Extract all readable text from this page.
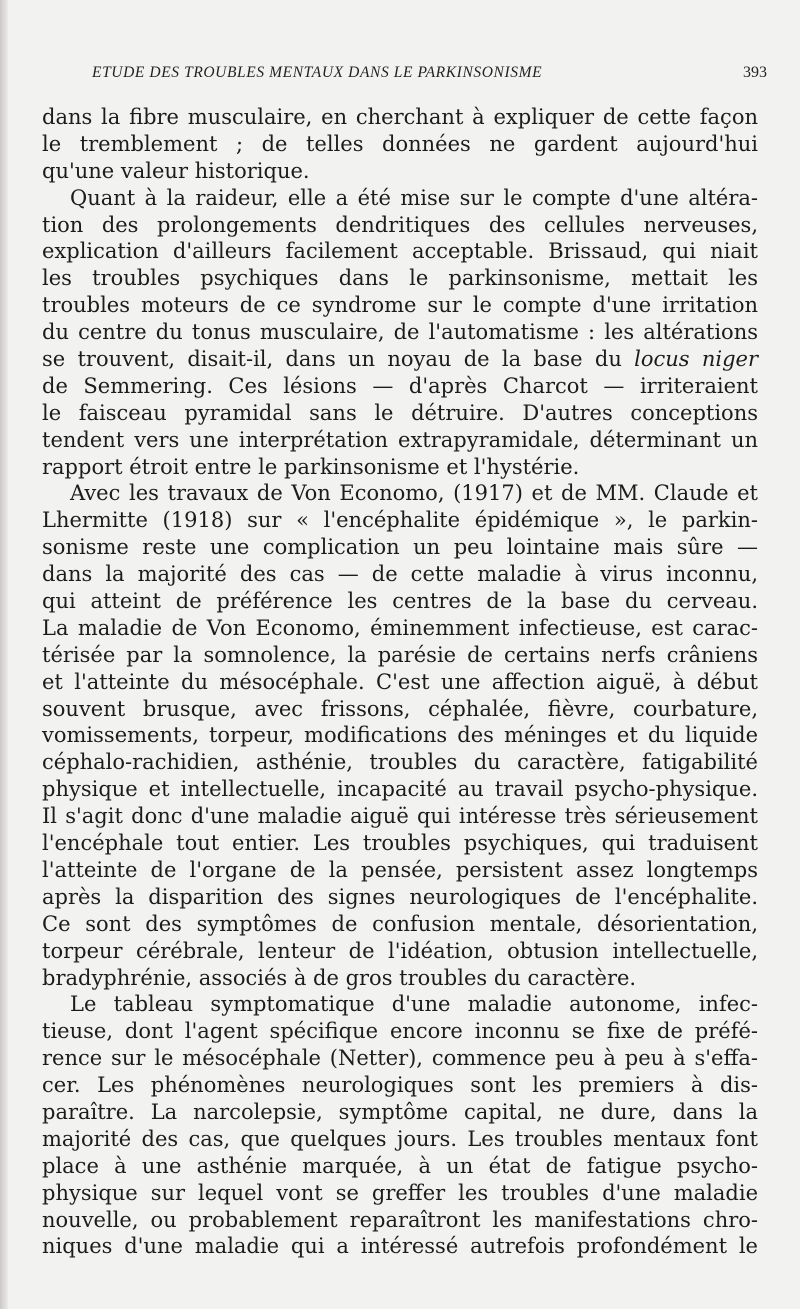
ETUDE DES TROUBLES MENTAUX DANS LE PARKINSONISME	393
dans la fibre musculaire, en cherchant à expliquer de cette façon
le tremblement ; de telles données ne gardent aujourd'hui
qu'une valeur historique.
Quant à la raideur, elle a été mise sur le compte d'une altéra-
tion des prolongements dendritiques des cellules nerveuses,
explication d'ailleurs facilement acceptable. Brissaud, qui niait
les troubles psychiques dans le parkinsonisme, mettait les
troubles moteurs de ce syndrome sur le compte d'une irritation
du centre du tonus musculaire, de l'automatisme : les altérations
se trouvent, disait-il, dans un noyau de la base du locus niger
de Semmering. Ces lésions — d'après Charcot — irriteraient
le faisceau pyramidal sans le détruire. D'autres conceptions
tendent vers une interprétation extrapyramidale, déterminant un
rapport étroit entre le parkinsonisme et l'hystérie.
Avec les travaux de Von Economo, (1917) et de MM. Claude et
Lhermitte (1918) sur « l'encéphalite épidémique », le parkin-
sonisme reste une complication un peu lointaine mais sûre —
dans la majorité des cas — de cette maladie à virus inconnu,
qui atteint de préférence les centres de la base du cerveau.
La maladie de Von Economo, éminemment infectieuse, est carac-
térisée par la somnolence, la parésie de certains nerfs crâniens
et l'atteinte du mésocéphale. C'est une affection aiguë, à début
souvent brusque, avec frissons, céphalée, fièvre, courbature,
vomissements, torpeur, modifications des méninges et du liquide
céphalo-rachidien, asthénie, troubles du caractère, fatigabilité
physique et intellectuelle, incapacité au travail psycho-physique.
Il s'agit donc d'une maladie aiguë qui intéresse très sérieusement
l'encéphale tout entier. Les troubles psychiques, qui traduisent
l'atteinte de l'organe de la pensée, persistent assez longtemps
après la disparition des signes neurologiques de l'encéphalite.
Ce sont des symptômes de confusion mentale, désorientation,
torpeur cérébrale, lenteur de l'idéation, obtusion intellectuelle,
bradyphrénie, associés à de gros troubles du caractère.
Le tableau symptomatique d'une maladie autonome, infec-
tieuse, dont l'agent spécifique encore inconnu se fixe de préfé-
rence sur le mésocéphale (Netter), commence peu à peu à s'effa-
cer. Les phénomènes neurologiques sont les premiers à dis-
paraître. La narcolepsie, symptôme capital, ne dure, dans la
majorité des cas, que quelques jours. Les troubles mentaux font
place à une asthénie marquée, à un état de fatigue psycho-
physique sur lequel vont se greffer les troubles d'une maladie
nouvelle, ou probablement reparaîtront les manifestations chro-
niques d'une maladie qui a intéressé autrefois profondément le
